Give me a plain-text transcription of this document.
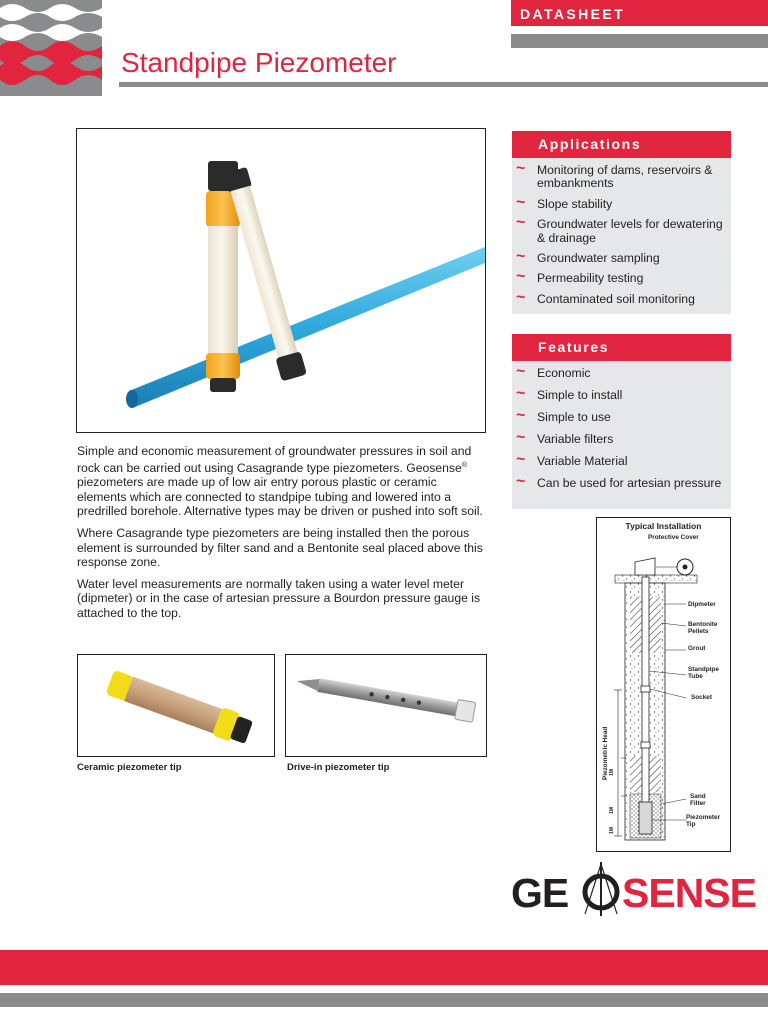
DATASHEET
Standpipe Piezometer

Simple and economic measurement of groundwater pressures in soil and rock can be carried out using Casagrande type piezometers. Geosense® piezometers are made up of low air entry porous plastic or ceramic elements which are connected to standpipe tubing and lowered into a predrilled borehole. Alternative types may be driven or pushed into soft soil.

Where Casagrande type piezometers are being installed then the porous element is surrounded by filter sand and a Bentonite seal placed above this response zone.

Water level measurements are normally taken using a water level meter (dipmeter) or in the case of artesian pressure a Bourdon pressure gauge is attached to the top.

Ceramic piezometer tip	Drive-in piezometer tip
Applications
~ Monitoring of dams, reservoirs & embankments
~ Slope stability
~ Groundwater levels for dewatering & drainage
~ Groundwater sampling
~ Permeability testing
~ Contaminated soil monitoring
Features
~ Economic
~ Simple to install
~ Simple to use
~ Variable filters
~ Variable Material
~ Can be used for artesian pressure
Typical Installation
Protective Cover
Dipmeter
Bentonite
Pellets
Grout
Standpipe
Tube
Socket
Sand
Filter
Piezometer
Tip
1M
1M
1M
Piezometric Head
GE SENSE
